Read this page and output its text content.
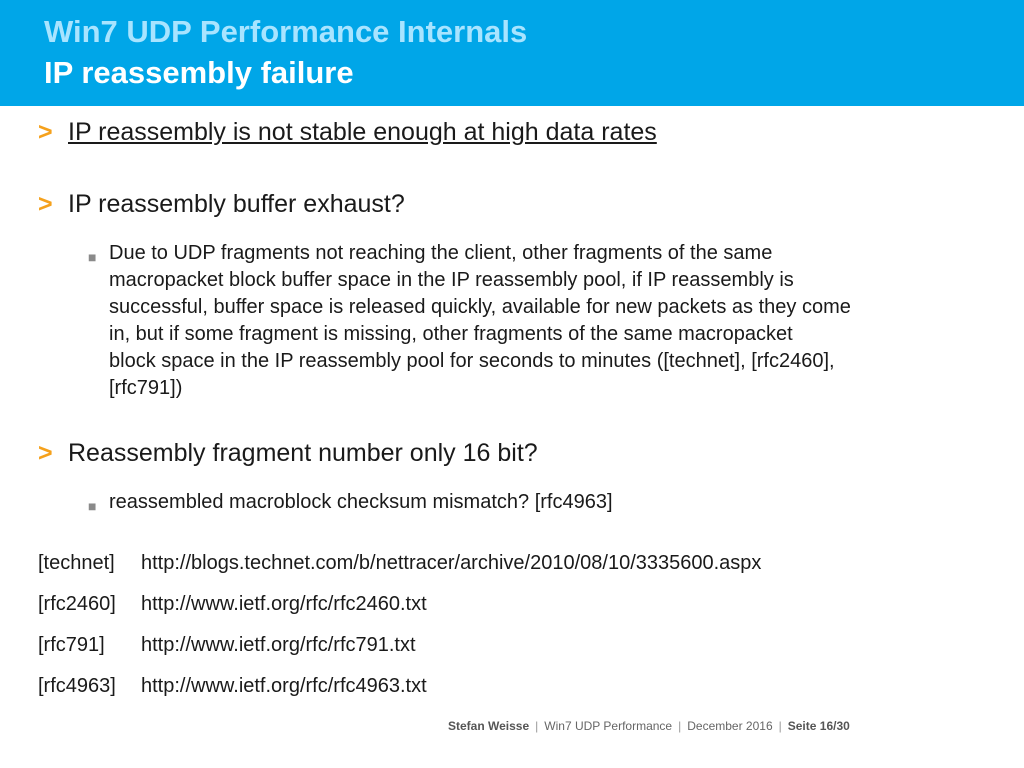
Win7 UDP Performance Internals
IP reassembly failure
> IP reassembly is not stable enough at high data rates
> IP reassembly buffer exhaust?
■ Due to UDP fragments not reaching the client, other fragments of the same
macropacket block buffer space in the IP reassembly pool, if IP reassembly is
successful, buffer space is released quickly, available for new packets as they come
in, but if some fragment is missing, other fragments of the same macropacket
block space in the IP reassembly pool for seconds to minutes ([technet], [rfc2460],
[rfc791])
> Reassembly fragment number only 16 bit?
■ reassembled macroblock checksum mismatch? [rfc4963]
[technet] http://blogs.technet.com/b/nettracer/archive/2010/08/10/3335600.aspx
[rfc2460] http://www.ietf.org/rfc/rfc2460.txt
[rfc791] http://www.ietf.org/rfc/rfc791.txt
[rfc4963] http://www.ietf.org/rfc/rfc4963.txt
Stefan Weisse | Win7 UDP Performance | December 2016 | Seite 16/30
